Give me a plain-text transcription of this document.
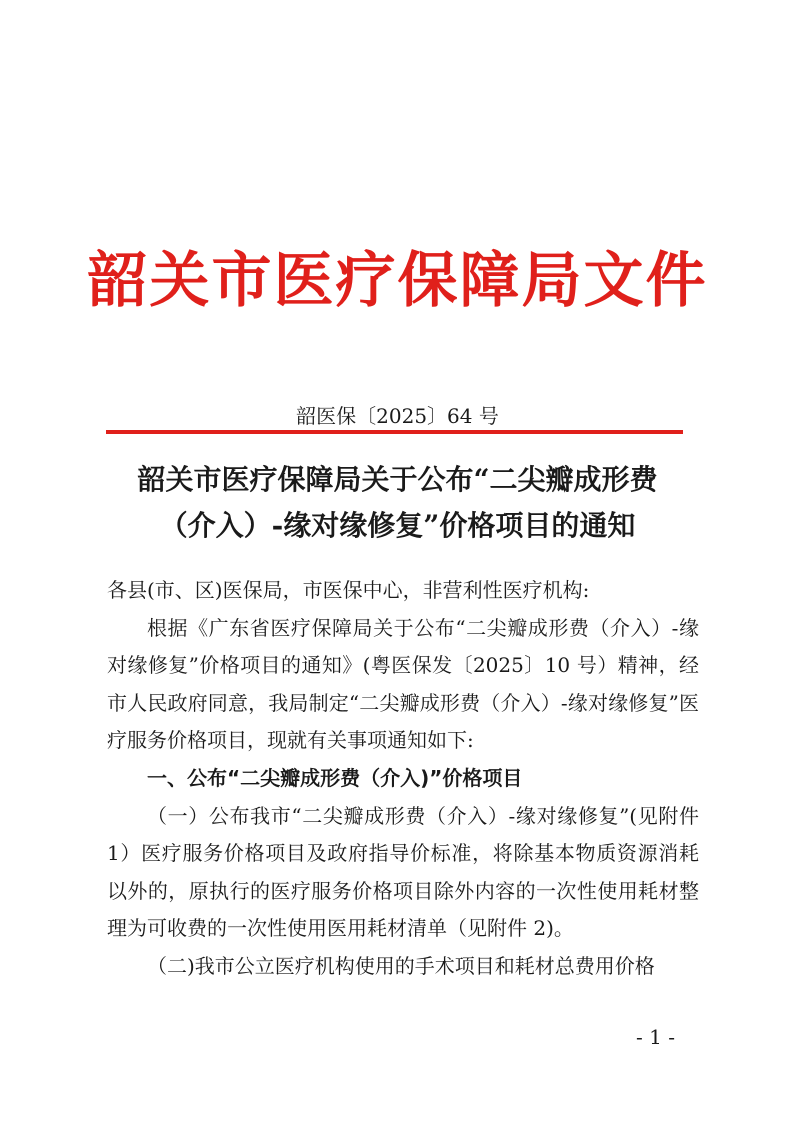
韶关市医疗保障局文件
韶医保〔2025〕64 号
韶关市医疗保障局关于公布“二尖瓣成形费
（介入）-缘对缘修复”价格项目的通知

各县(市、区)医保局，市医保中心，非营利性医疗机构:

根据《广东省医疗保障局关于公布“二尖瓣成形费（介入）-缘对缘修复”价格项目的通知》(粤医保发〔2025〕10 号）精神，经市人民政府同意，我局制定“二尖瓣成形费（介入）-缘对缘修复”医疗服务价格项目，现就有关事项通知如下:

一、公布“二尖瓣成形费（介入)”价格项目

（一）公布我市“二尖瓣成形费（介入）-缘对缘修复”(见附件 1）医疗服务价格项目及政府指导价标准，将除基本物质资源消耗以外的，原执行的医疗服务价格项目除外内容的一次性使用耗材整理为可收费的一次性使用医用耗材清单（见附件 2)。

（二)我市公立医疗机构使用的手术项目和耗材总费用价格

- 1 -
